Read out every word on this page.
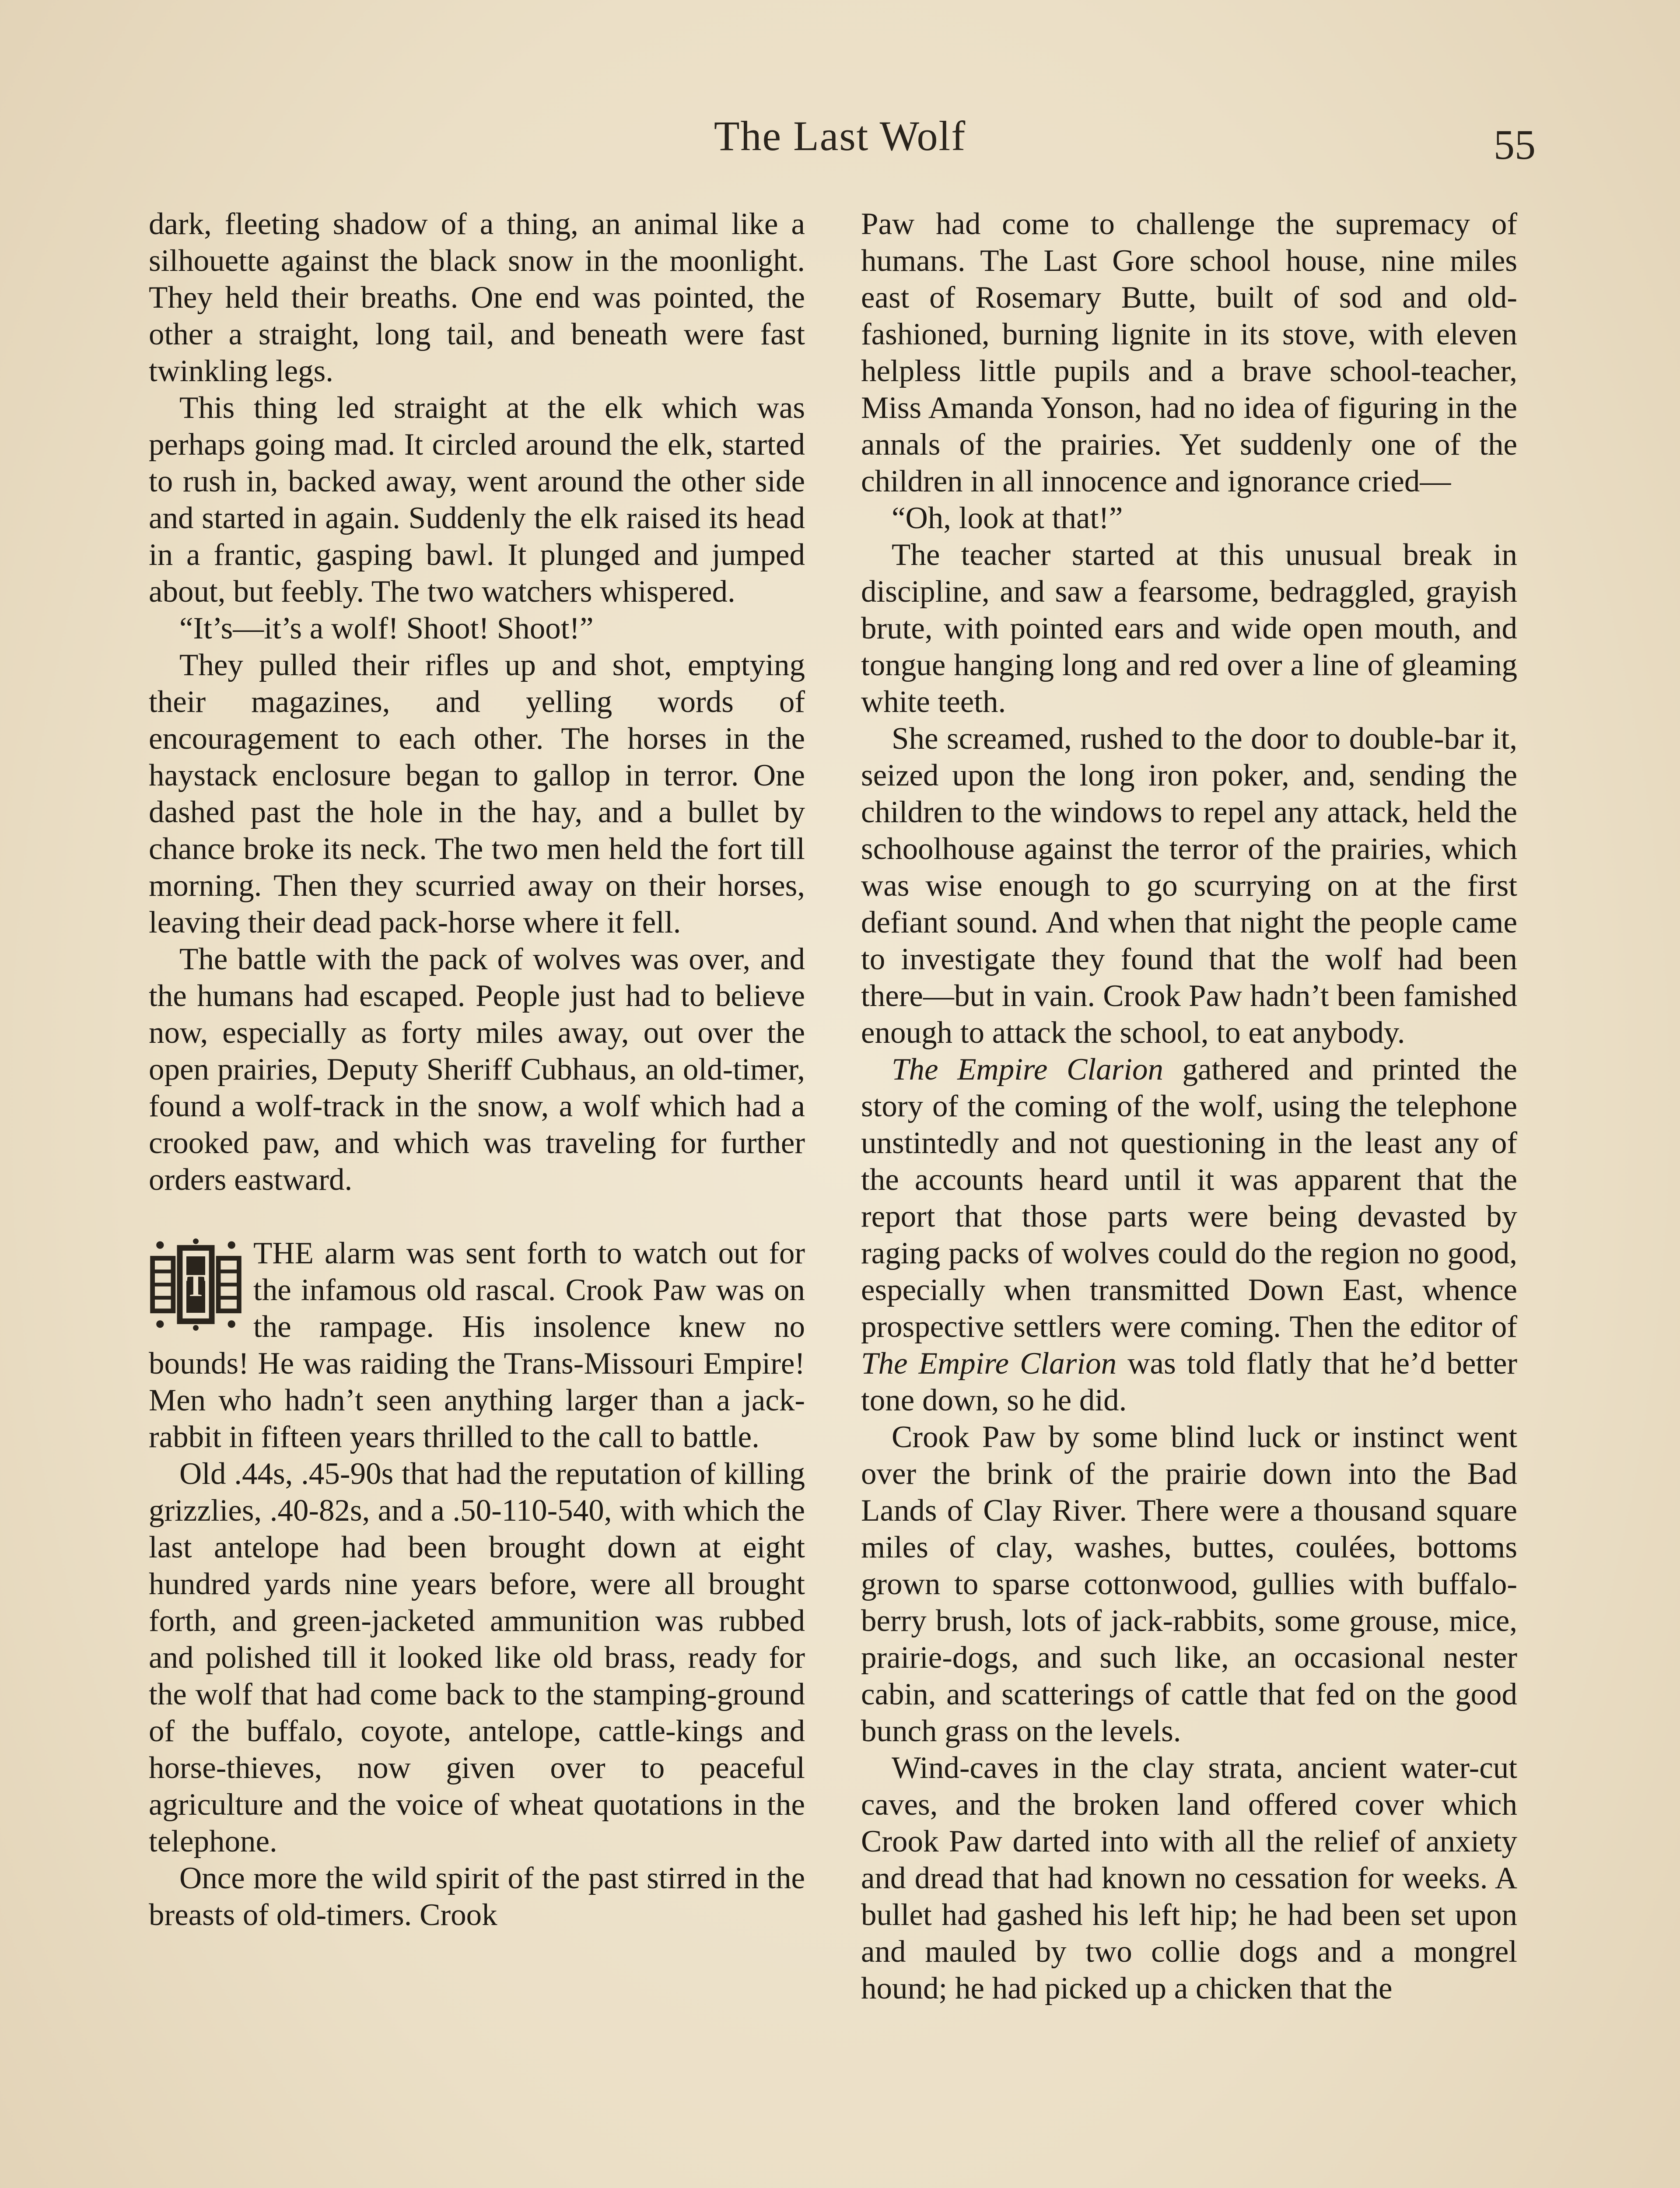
The Last Wolf	55

dark, fleeting shadow of a thing, an animal like a silhouette against the black snow in the moonlight. They held their breaths. One end was pointed, the other a straight, long tail, and beneath were fast twinkling legs.

This thing led straight at the elk which was perhaps going mad. It circled around the elk, started to rush in, backed away, went around the other side and started in again. Suddenly the elk raised its head in a frantic, gasping bawl. It plunged and jumped about, but feebly. The two watchers whispered.

“It’s—it’s a wolf! Shoot! Shoot!”

They pulled their rifles up and shot, emptying their magazines, and yelling words of encouragement to each other. The horses in the haystack enclosure began to gallop in terror. One dashed past the hole in the hay, and a bullet by chance broke its neck. The two men held the fort till morning. Then they scurried away on their horses, leaving their dead pack-horse where it fell.

The battle with the pack of wolves was over, and the humans had escaped. People just had to believe now, especially as forty miles away, out over the open prairies, Deputy Sheriff Cubhaus, an old-timer, found a wolf-track in the snow, a wolf which had a crooked paw, and which was traveling for further orders eastward.

T
THE alarm was sent forth to watch out for the infamous old rascal. Crook Paw was on the rampage. His insolence knew no bounds! He was raiding the Trans-Missouri Empire! Men who hadn’t seen anything larger than a jack-rabbit in fifteen years thrilled to the call to battle.

Old .44s, .45-90s that had the reputation of killing grizzlies, .40-82s, and a .50-110-540, with which the last antelope had been brought down at eight hundred yards nine years before, were all brought forth, and green-jacketed ammunition was rubbed and polished till it looked like old brass, ready for the wolf that had come back to the stamping-ground of the buffalo, coyote, antelope, cattle-kings and horse-thieves, now given over to peaceful agriculture and the voice of wheat quotations in the telephone.

Once more the wild spirit of the past stirred in the breasts of old-timers. Crook

Paw had come to challenge the supremacy of humans. The Last Gore school house, nine miles east of Rosemary Butte, built of sod and old-fashioned, burning lignite in its stove, with eleven helpless little pupils and a brave school-teacher, Miss Amanda Yonson, had no idea of figuring in the annals of the prairies. Yet suddenly one of the children in all innocence and ignorance cried—

“Oh, look at that!”

The teacher started at this unusual break in discipline, and saw a fearsome, bedraggled, grayish brute, with pointed ears and wide open mouth, and tongue hanging long and red over a line of gleaming white teeth.

She screamed, rushed to the door to double-bar it, seized upon the long iron poker, and, sending the children to the windows to repel any attack, held the schoolhouse against the terror of the prairies, which was wise enough to go scurrying on at the first defiant sound. And when that night the people came to investigate they found that the wolf had been there—but in vain. Crook Paw hadn’t been famished enough to attack the school, to eat anybody.

The Empire Clarion gathered and printed the story of the coming of the wolf, using the telephone unstintedly and not questioning in the least any of the accounts heard until it was apparent that the report that those parts were being devasted by raging packs of wolves could do the region no good, especially when transmitted Down East, whence prospective settlers were coming. Then the editor of The Empire Clarion was told flatly that he’d better tone down, so he did.

Crook Paw by some blind luck or instinct went over the brink of the prairie down into the Bad Lands of Clay River. There were a thousand square miles of clay, washes, buttes, coulées, bottoms grown to sparse cottonwood, gullies with buffalo-berry brush, lots of jack-rabbits, some grouse, mice, prairie-dogs, and such like, an occasional nester cabin, and scatterings of cattle that fed on the good bunch grass on the levels.

Wind-caves in the clay strata, ancient water-cut caves, and the broken land offered cover which Crook Paw darted into with all the relief of anxiety and dread that had known no cessation for weeks. A bullet had gashed his left hip; he had been set upon and mauled by two collie dogs and a mongrel hound; he had picked up a chicken that the
